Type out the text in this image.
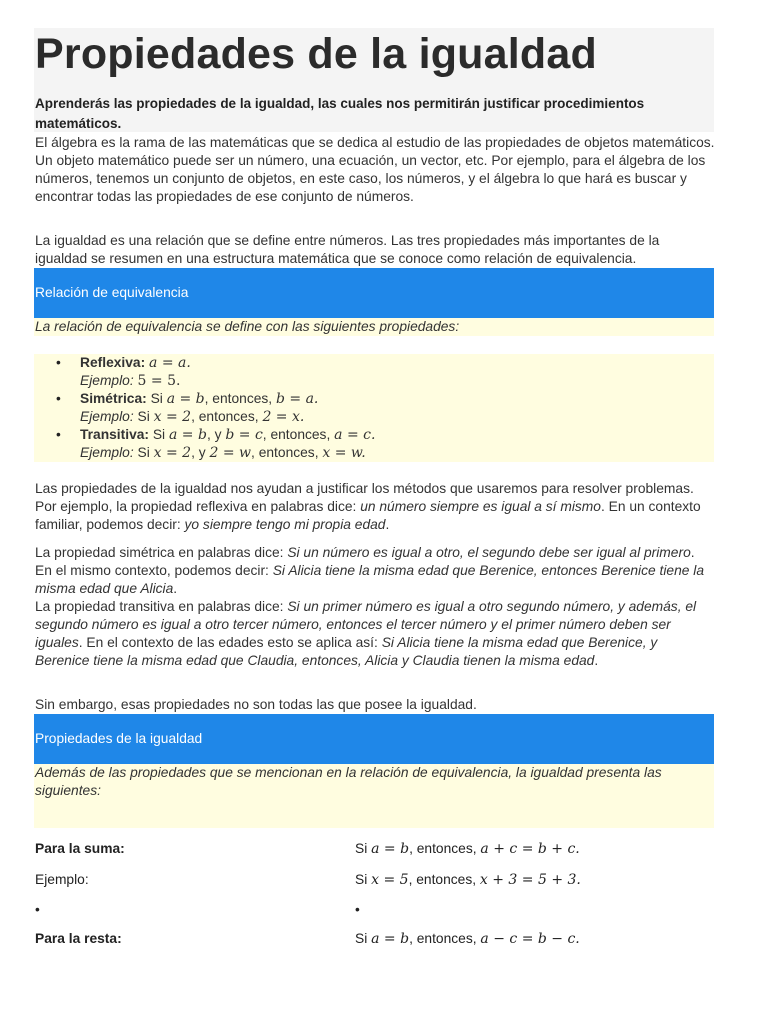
Propiedades de la igualdad

Aprenderás las propiedades de la igualdad, las cuales nos permitirán justificar procedimientos matemáticos.

El álgebra es la rama de las matemáticas que se dedica al estudio de las propiedades de objetos matemáticos. Un objeto matemático puede ser un número, una ecuación, un vector, etc. Por ejemplo, para el álgebra de los números, tenemos un conjunto de objetos, en este caso, los números, y el álgebra lo que hará es buscar y encontrar todas las propiedades de ese conjunto de números.

La igualdad es una relación que se define entre números. Las tres propiedades más importantes de la igualdad se resumen en una estructura matemática que se conoce como relación de equivalencia.

Relación de equivalencia

La relación de equivalencia se define con las siguientes propiedades:

• Reflexiva: a = a.
Ejemplo: 5 = 5.
• Simétrica: Si a = b, entonces, b = a.
Ejemplo: Si x = 2, entonces, 2 = x.
• Transitiva: Si a = b, y b = c, entonces, a = c.
Ejemplo: Si x = 2, y 2 = w, entonces, x = w.

Las propiedades de la igualdad nos ayudan a justificar los métodos que usaremos para resolver problemas. Por ejemplo, la propiedad reflexiva en palabras dice: un número siempre es igual a sí mismo. En un contexto familiar, podemos decir: yo siempre tengo mi propia edad.

La propiedad simétrica en palabras dice: Si un número es igual a otro, el segundo debe ser igual al primero. En el mismo contexto, podemos decir: Si Alicia tiene la misma edad que Berenice, entonces Berenice tiene la misma edad que Alicia.

La propiedad transitiva en palabras dice: Si un primer número es igual a otro segundo número, y además, el segundo número es igual a otro tercer número, entonces el tercer número y el primer número deben ser iguales. En el contexto de las edades esto se aplica así: Si Alicia tiene la misma edad que Berenice, y Berenice tiene la misma edad que Claudia, entonces, Alicia y Claudia tienen la misma edad.

Sin embargo, esas propiedades no son todas las que posee la igualdad.

Propiedades de la igualdad

Además de las propiedades que se mencionan en la relación de equivalencia, la igualdad presenta las siguientes:

Para la suma:	Si a = b, entonces, a + c = b + c.
Ejemplo:	Si x = 5, entonces, x + 3 = 5 + 3.
•	•
Para la resta:	Si a = b, entonces, a − c = b − c.
